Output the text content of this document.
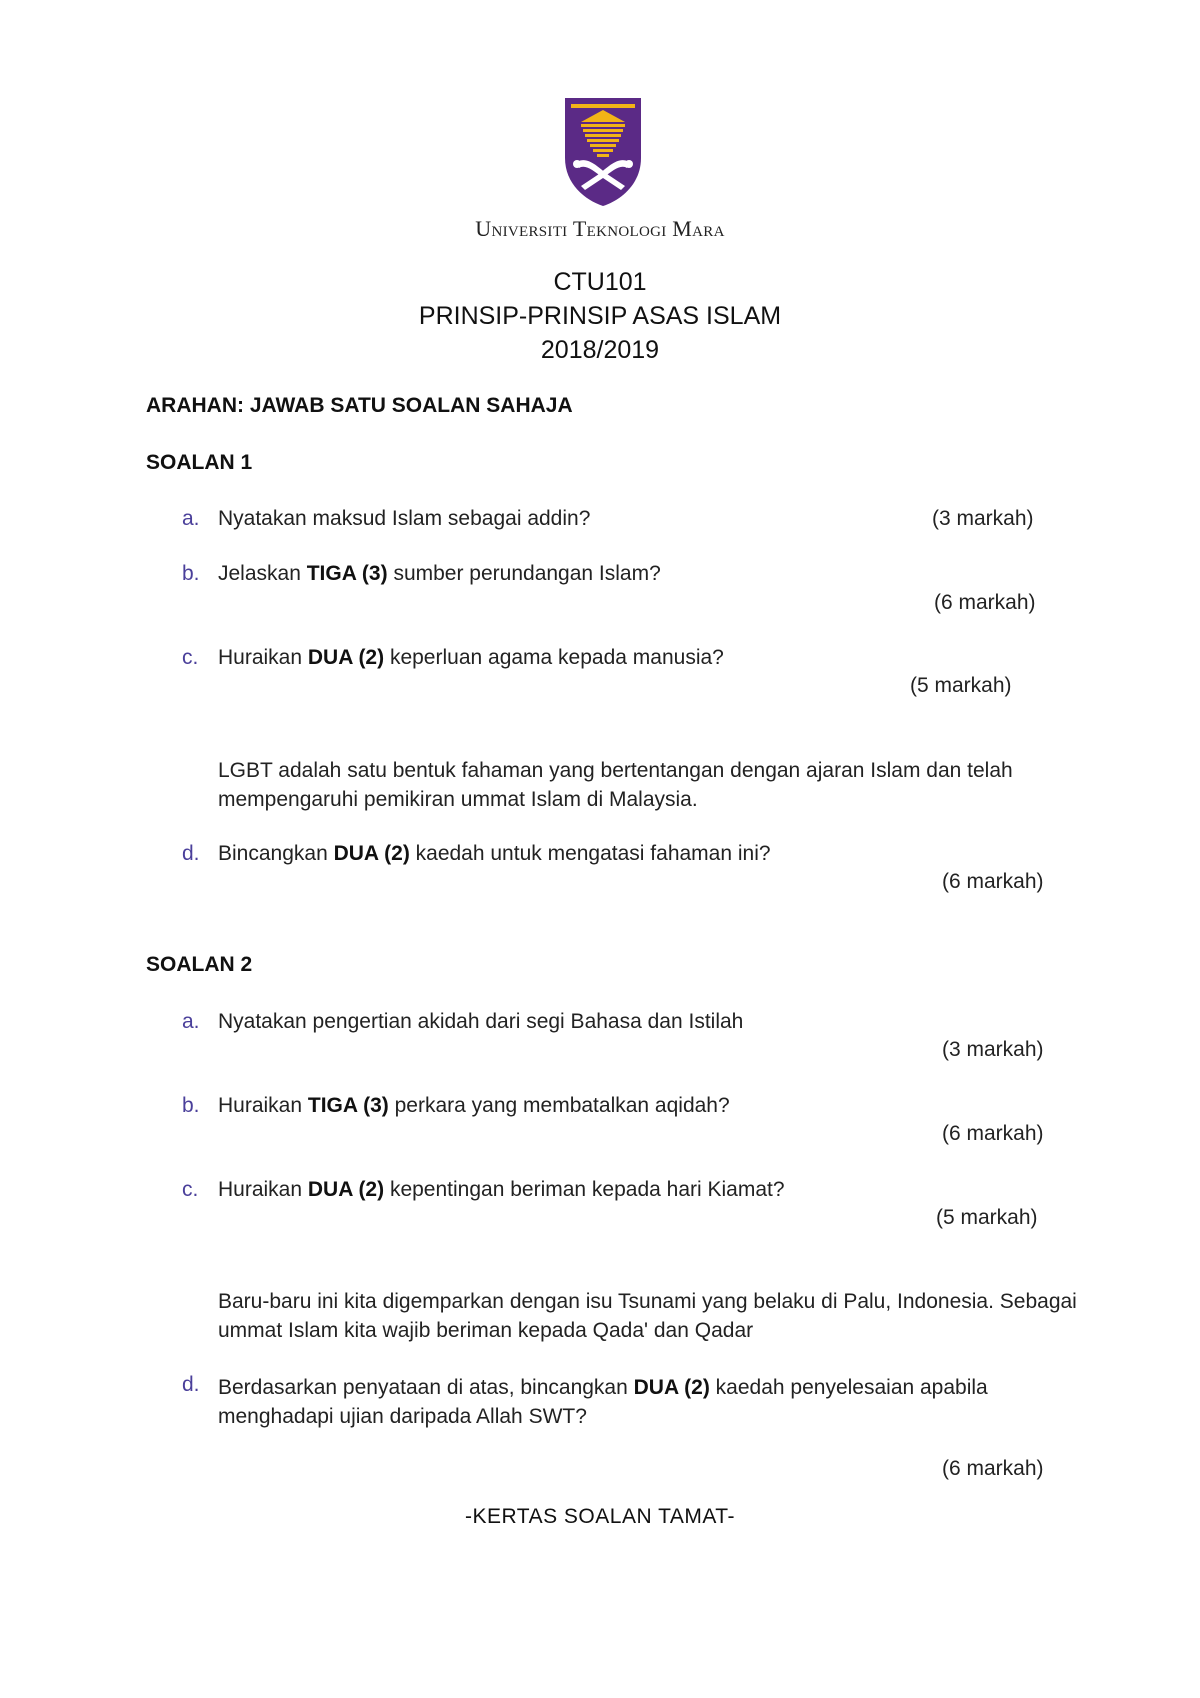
Universiti Teknologi Mara
CTU101
PRINSIP-PRINSIP ASAS ISLAM
2018/2019
ARAHAN: JAWAB SATU SOALAN SAHAJA
SOALAN 1
a. Nyatakan maksud Islam sebagai addin?	(3 markah)
b. Jelaskan TIGA (3) sumber perundangan Islam?
(6 markah)
c. Huraikan DUA (2) keperluan agama kepada manusia?
(5 markah)
LGBT adalah satu bentuk fahaman yang bertentangan dengan ajaran Islam dan telah mempengaruhi pemikiran ummat Islam di Malaysia.
d. Bincangkan DUA (2) kaedah untuk mengatasi fahaman ini?
(6 markah)
SOALAN 2
a. Nyatakan pengertian akidah dari segi Bahasa dan Istilah
(3 markah)
b. Huraikan TIGA (3) perkara yang membatalkan aqidah?
(6 markah)
c. Huraikan DUA (2) kepentingan beriman kepada hari Kiamat?
(5 markah)
Baru-baru ini kita digemparkan dengan isu Tsunami yang belaku di Palu, Indonesia. Sebagai ummat Islam kita wajib beriman kepada Qada' dan Qadar
d. Berdasarkan penyataan di atas, bincangkan DUA (2) kaedah penyelesaian apabila menghadapi ujian daripada Allah SWT?
(6 markah)
-KERTAS SOALAN TAMAT-
